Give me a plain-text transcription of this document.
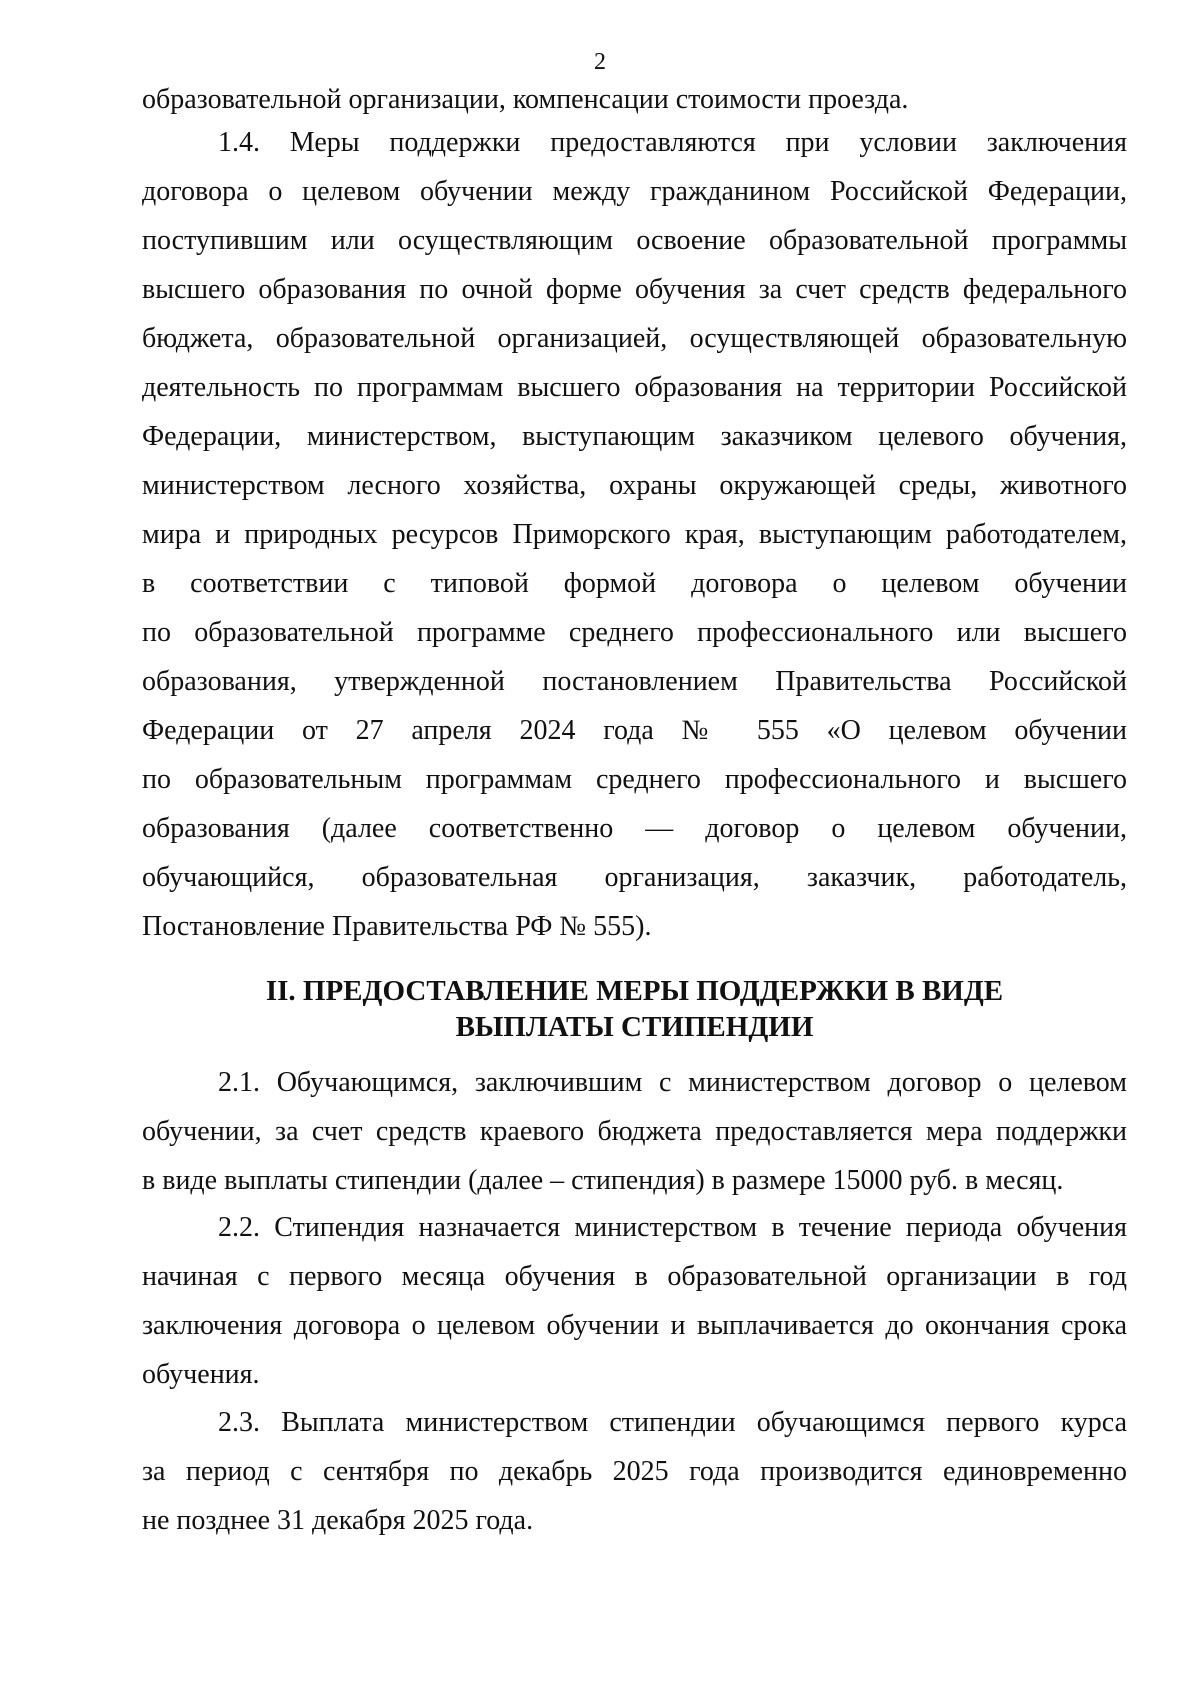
2
образовательной организации, компенсации стоимости проезда.
1.4. Меры поддержки предоставляются при условии заключения
договора о целевом обучении между гражданином Российской Федерации,
поступившим или осуществляющим освоение образовательной программы
высшего образования по очной форме обучения за счет средств федерального
бюджета, образовательной организацией, осуществляющей образовательную
деятельность по программам высшего образования на территории Российской
Федерации, министерством, выступающим заказчиком целевого обучения,
министерством лесного хозяйства, охраны окружающей среды, животного
мира и природных ресурсов Приморского края, выступающим работодателем,
в соответствии с типовой формой договора о целевом обучении
по образовательной программе среднего профессионального или высшего
образования, утвержденной постановлением Правительства Российской
Федерации от 27 апреля 2024 года № 555 «О целевом обучении
по образовательным программам среднего профессионального и высшего
образования (далее соответственно — договор о целевом обучении,
обучающийся, образовательная организация, заказчик, работодатель,
Постановление Правительства РФ № 555).
II. ПРЕДОСТАВЛЕНИЕ МЕРЫ ПОДДЕРЖКИ В ВИДЕ
ВЫПЛАТЫ СТИПЕНДИИ
2.1. Обучающимся, заключившим с министерством договор о целевом
обучении, за счет средств краевого бюджета предоставляется мера поддержки
в виде выплаты стипендии (далее – стипендия) в размере 15000 руб. в месяц.
2.2. Стипендия назначается министерством в течение периода обучения
начиная с первого месяца обучения в образовательной организации в год
заключения договора о целевом обучении и выплачивается до окончания срока
обучения.
2.3. Выплата министерством стипендии обучающимся первого курса
за период с сентября по декабрь 2025 года производится единовременно
не позднее 31 декабря 2025 года.
